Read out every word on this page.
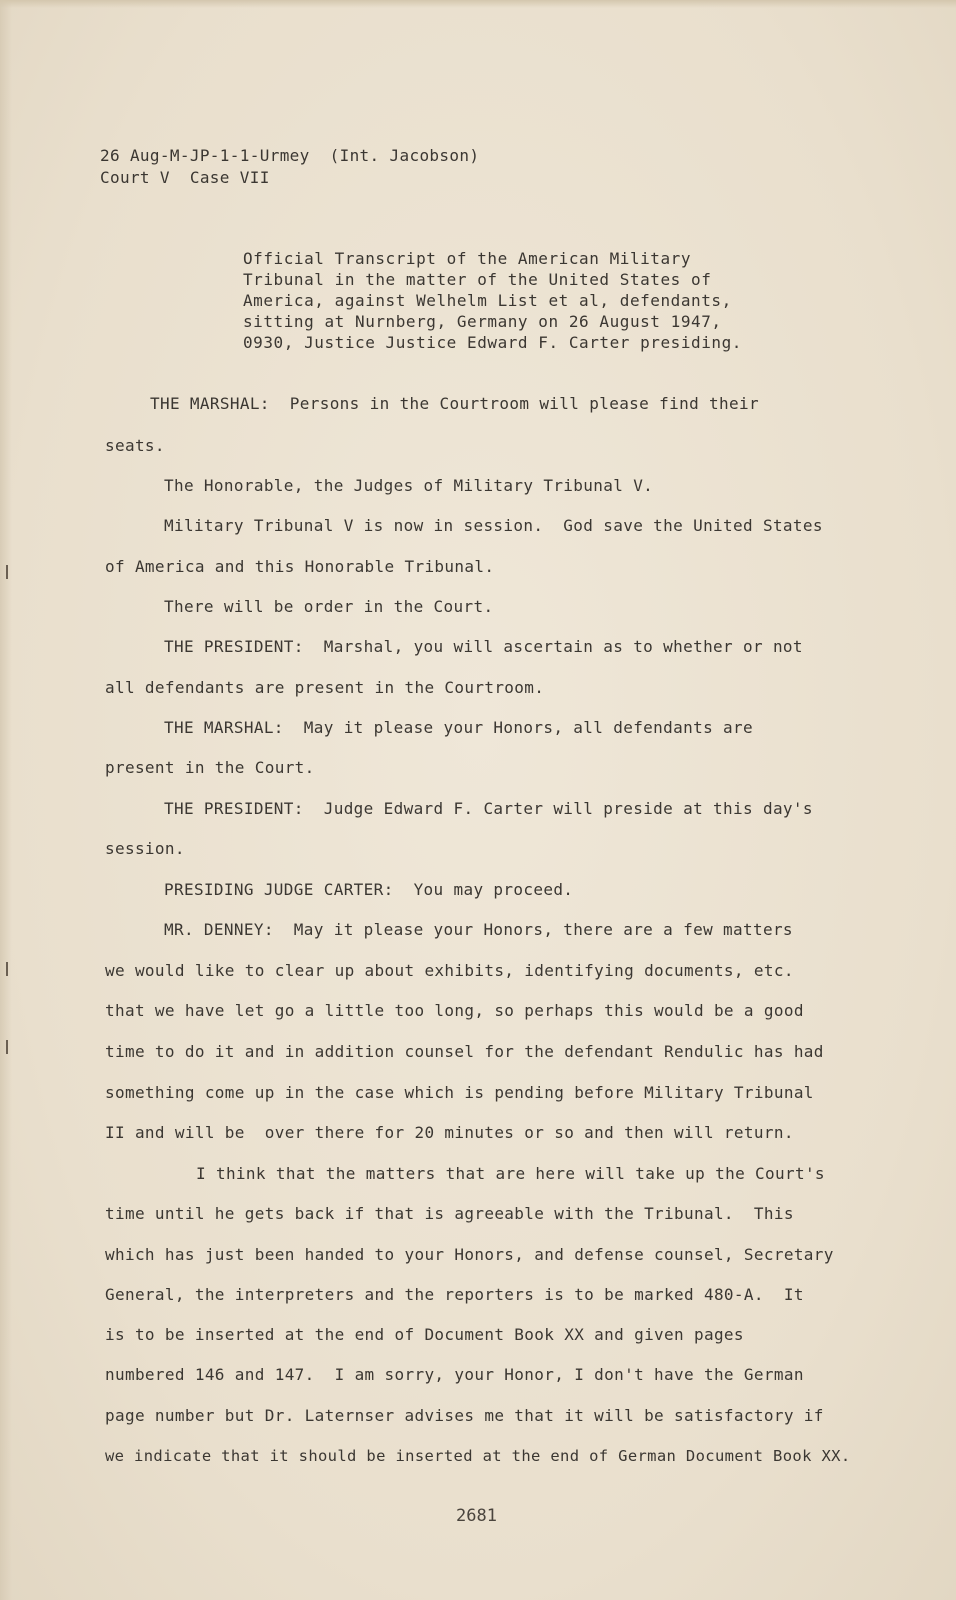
26 Aug-M-JP-1-1-Urmey  (Int. Jacobson)
Court V  Case VII
Official Transcript of the American Military
Tribunal in the matter of the United States of
America, against Welhelm List et al, defendants,
sitting at Nurnberg, Germany on 26 August 1947,
0930, Justice Justice Edward F. Carter presiding.
THE MARSHAL:  Persons in the Courtroom will please find their
seats.
The Honorable, the Judges of Military Tribunal V.
Military Tribunal V is now in session.  God save the United States
of America and this Honorable Tribunal.
There will be order in the Court.
THE PRESIDENT:  Marshal, you will ascertain as to whether or not
all defendants are present in the Courtroom.
THE MARSHAL:  May it please your Honors, all defendants are
present in the Court.
THE PRESIDENT:  Judge Edward F. Carter will preside at this day's
session.
PRESIDING JUDGE CARTER:  You may proceed.
MR. DENNEY:  May it please your Honors, there are a few matters
we would like to clear up about exhibits, identifying documents, etc.
that we have let go a little too long, so perhaps this would be a good
time to do it and in addition counsel for the defendant Rendulic has had
something come up in the case which is pending before Military Tribunal
II and will be  over there for 20 minutes or so and then will return.
I think that the matters that are here will take up the Court's
time until he gets back if that is agreeable with the Tribunal.  This
which has just been handed to your Honors, and defense counsel, Secretary
General, the interpreters and the reporters is to be marked 480-A.  It
is to be inserted at the end of Document Book XX and given pages
numbered 146 and 147.  I am sorry, your Honor, I don't have the German
page number but Dr. Laternser advises me that it will be satisfactory if
we indicate that it should be inserted at the end of German Document Book XX.
2681
